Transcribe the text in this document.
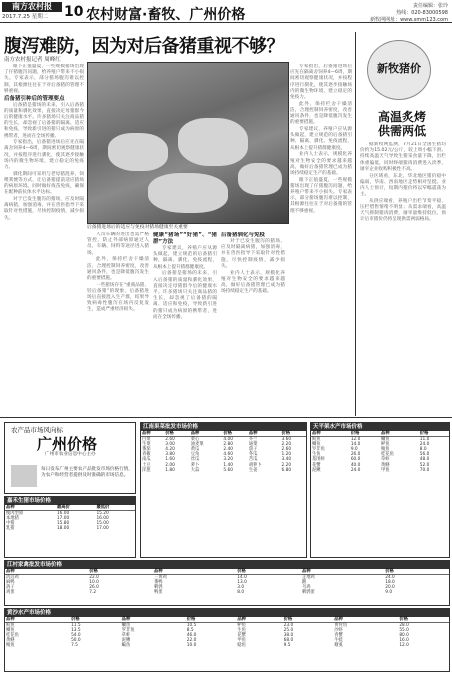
南方农村报
2017.7.25 星期二 10 农村财富·畜牧、广州价格
责任编辑：张玲
热线：020-83000598
新牧网网址：www.xmm123.com
腹泻难防，因为对后备猪重视不够？
南方农村报记者 周峰红

眼下正值盛夏，一些规模猪场出现了仔猪腹泻问题，给养殖户带来不小损失。专家表示，部分猪场腹泻难以控制，其根源往往在于对后备猪的管理不够重视。

后备猪引种后的管理要点

后备猪是猪场的未来，引入后备猪的质量和驯化效果，直接决定母猪群今后的健康水平。许多猪场只关注商品猪的生长，却忽视了后备猪的隔离、适应和免疫，导致新引进的猪只成为病原的携带者，进而在全场传播。

专家指出，后备猪进场后应先在隔离舍饲养4—6周，期间密切观察健康状况，并按程序进行驯化，使其逐步接触场内的微生物环境，建立稳定的免疫力。

驯化期间可采用与老母猪混养、饲喂粪便等方式，让后备猪提前适应猪场的病原环境。同时做好疫苗免疫，确保在配种前抗体水平达标。

对于已发生腹泻的猪场，应及时隔离病猪，加强消毒，并在兽医指导下采取针对性措施，尽快控制疫情，减少损失。

后备猪进场后的适应与免疫对猪场健康至关重要

人员车辆的进出也需严格管控，防止外部病原通过人员、车辆、饲料等途径进入猪场。

此外，保持栏舍干燥清洁，合理控制饲养密度，改善通风条件，也是降低腹泻发生的重要措施。

一些猪场存在“重商品猪、轻后备猪”的现象，后备猪进场后直接混入生产群，结果导致病毒性腹泻在场内反复发生，造成严重经济损失。

健康“猪场”“好猪”、“猪群”方法

专家建议，养殖户应从源头做起，建立规范的后备猪引种、隔离、驯化、免疫流程，从根本上提升猪群健康度。

后备猪是猪场的未来，引入后备猪的质量和驯化效果，直接决定母猪群今后的健康水平。许多猪场只关注商品猪的生长，却忽视了后备猪的隔离、适应和免疫，导致新引进的猪只成为病原的携带者，进而在全场传播。

后备猪驯化与免疫

对于已发生腹泻的猪场，应及时隔离病猪，加强消毒，并在兽医指导下采取针对性措施，尽快控制疫情，减少损失。

业内人士表示，规模化养殖对生物安全的要求越来越高，做好后备猪管理已成为猪场持续稳定生产的基础。

专家指出，后备猪进场后应先在隔离舍饲养4—6周，期间密切观察健康状况，并按程序进行驯化，使其逐步接触场内的微生物环境，建立稳定的免疫力。

此外，保持栏舍干燥清洁，合理控制饲养密度，改善通风条件，也是降低腹泻发生的重要措施。

专家建议，养殖户应从源头做起，建立规范的后备猪引种、隔离、驯化、免疫流程，从根本上提升猪群健康度。

业内人士表示，规模化养殖对生物安全的要求越来越高，做好后备猪管理已成为猪场持续稳定生产的基础。

眼下正值盛夏，一些规模猪场出现了仔猪腹泻问题，给养殖户带来不小损失。专家表示，部分猪场腹泻难以控制，其根源往往在于对后备猪的管理不够重视。

新牧猪价
高温炙烤
供需两低

据新牧网监测，7月21日全国生猪均价约为15.02元/公斤，较上周小幅下滑。持续高温天气导致生猪采食量下降，出栏体重偏低，同时终端猪肉消费进入淡季，屠宰企业收购积极性不高。

分区域看，东北、华北地区猪价稳中偏弱，华南、西南地区走势相对坚挺。业内人士预计，短期内猪价将以窄幅震荡为主。

从供应端看，养殖户出栏节奏平稳，压栏惜售情绪不明显；从需求端看，高温天气抑制猪肉消费，屠宰量维持低位。预计后市猪价仍将呈现供需两弱格局。

农产品市场风向标
广州价格
广州市农业信息中心主办
每日发布广州主要农产品批发市场价格行情，为农户和经营者提供及时准确的市场信息。
嘉禾生猪市场价格
品种	最高价	最低价
瘦肉型猪	16.00	15.20
本地猪	17.00	16.00
中猪	15.80	15.00
乳猪	18.00	17.00
江南果菜批发市场价格
品种	价格	品种	价格	品种	价格
白菜	2.60	菜心	4.00	芥兰	3.60
生菜	3.00	油麦菜	2.80	通菜	2.20
番茄	4.20	黄瓜	2.40	茄子	2.60
青椒	3.80	豆角	4.60	冬瓜	1.20
南瓜	1.60	丝瓜	3.20	苦瓜	3.40
土豆	2.00	萝卜	1.40	胡萝卜	2.20
洋葱	1.80	大蒜	5.60	生姜	6.80
天平架水产市场价格
品种	价格	品种	价格
鲩鱼	12.0	鳙鱼	11.0
鲫鱼	14.0	鲈鱼	24.0
罗非鱼	9.0	鲮鱼	8.0
生鱼	26.0	桂花鱼	56.0
基围虾	60.0	草虾	48.0
花蟹	40.0	黄鳝	52.0
泥鳅	24.0	甲鱼	70.0
江村家禽批发市场价格
品种	价格	品种	价格	品种	价格
清远鸡	22.0	三黄鸡	14.0	走地鸡	24.0
麻鸭	10.0	番鸭	13.0	鹅	18.0
鸽子	26.0	鹌鹑	3.0	乌鸡	20.0
鸡蛋	7.2	鸭蛋	8.0	鹌鹑蛋	9.0
黄沙水产市场价格
品种	价格	品种	价格	品种	价格	品种	价格
鲩鱼	11.5	鳙鱼	10.5	鲈鱼	23.0	黄骨鱼	28.0
鲫鱼	13.5	罗非鱼	8.5	生鱼	25.0	沙虾	55.0
桂花鱼	54.0	草虾	46.0	花蟹	38.0	青蟹	80.0
黄鳝	50.0	泥鳅	22.0	甲鱼	68.0	牛蛙	16.0
鲮鱼	7.5	鳊鱼	10.0	鲶鱼	9.5	塘虱	12.0
